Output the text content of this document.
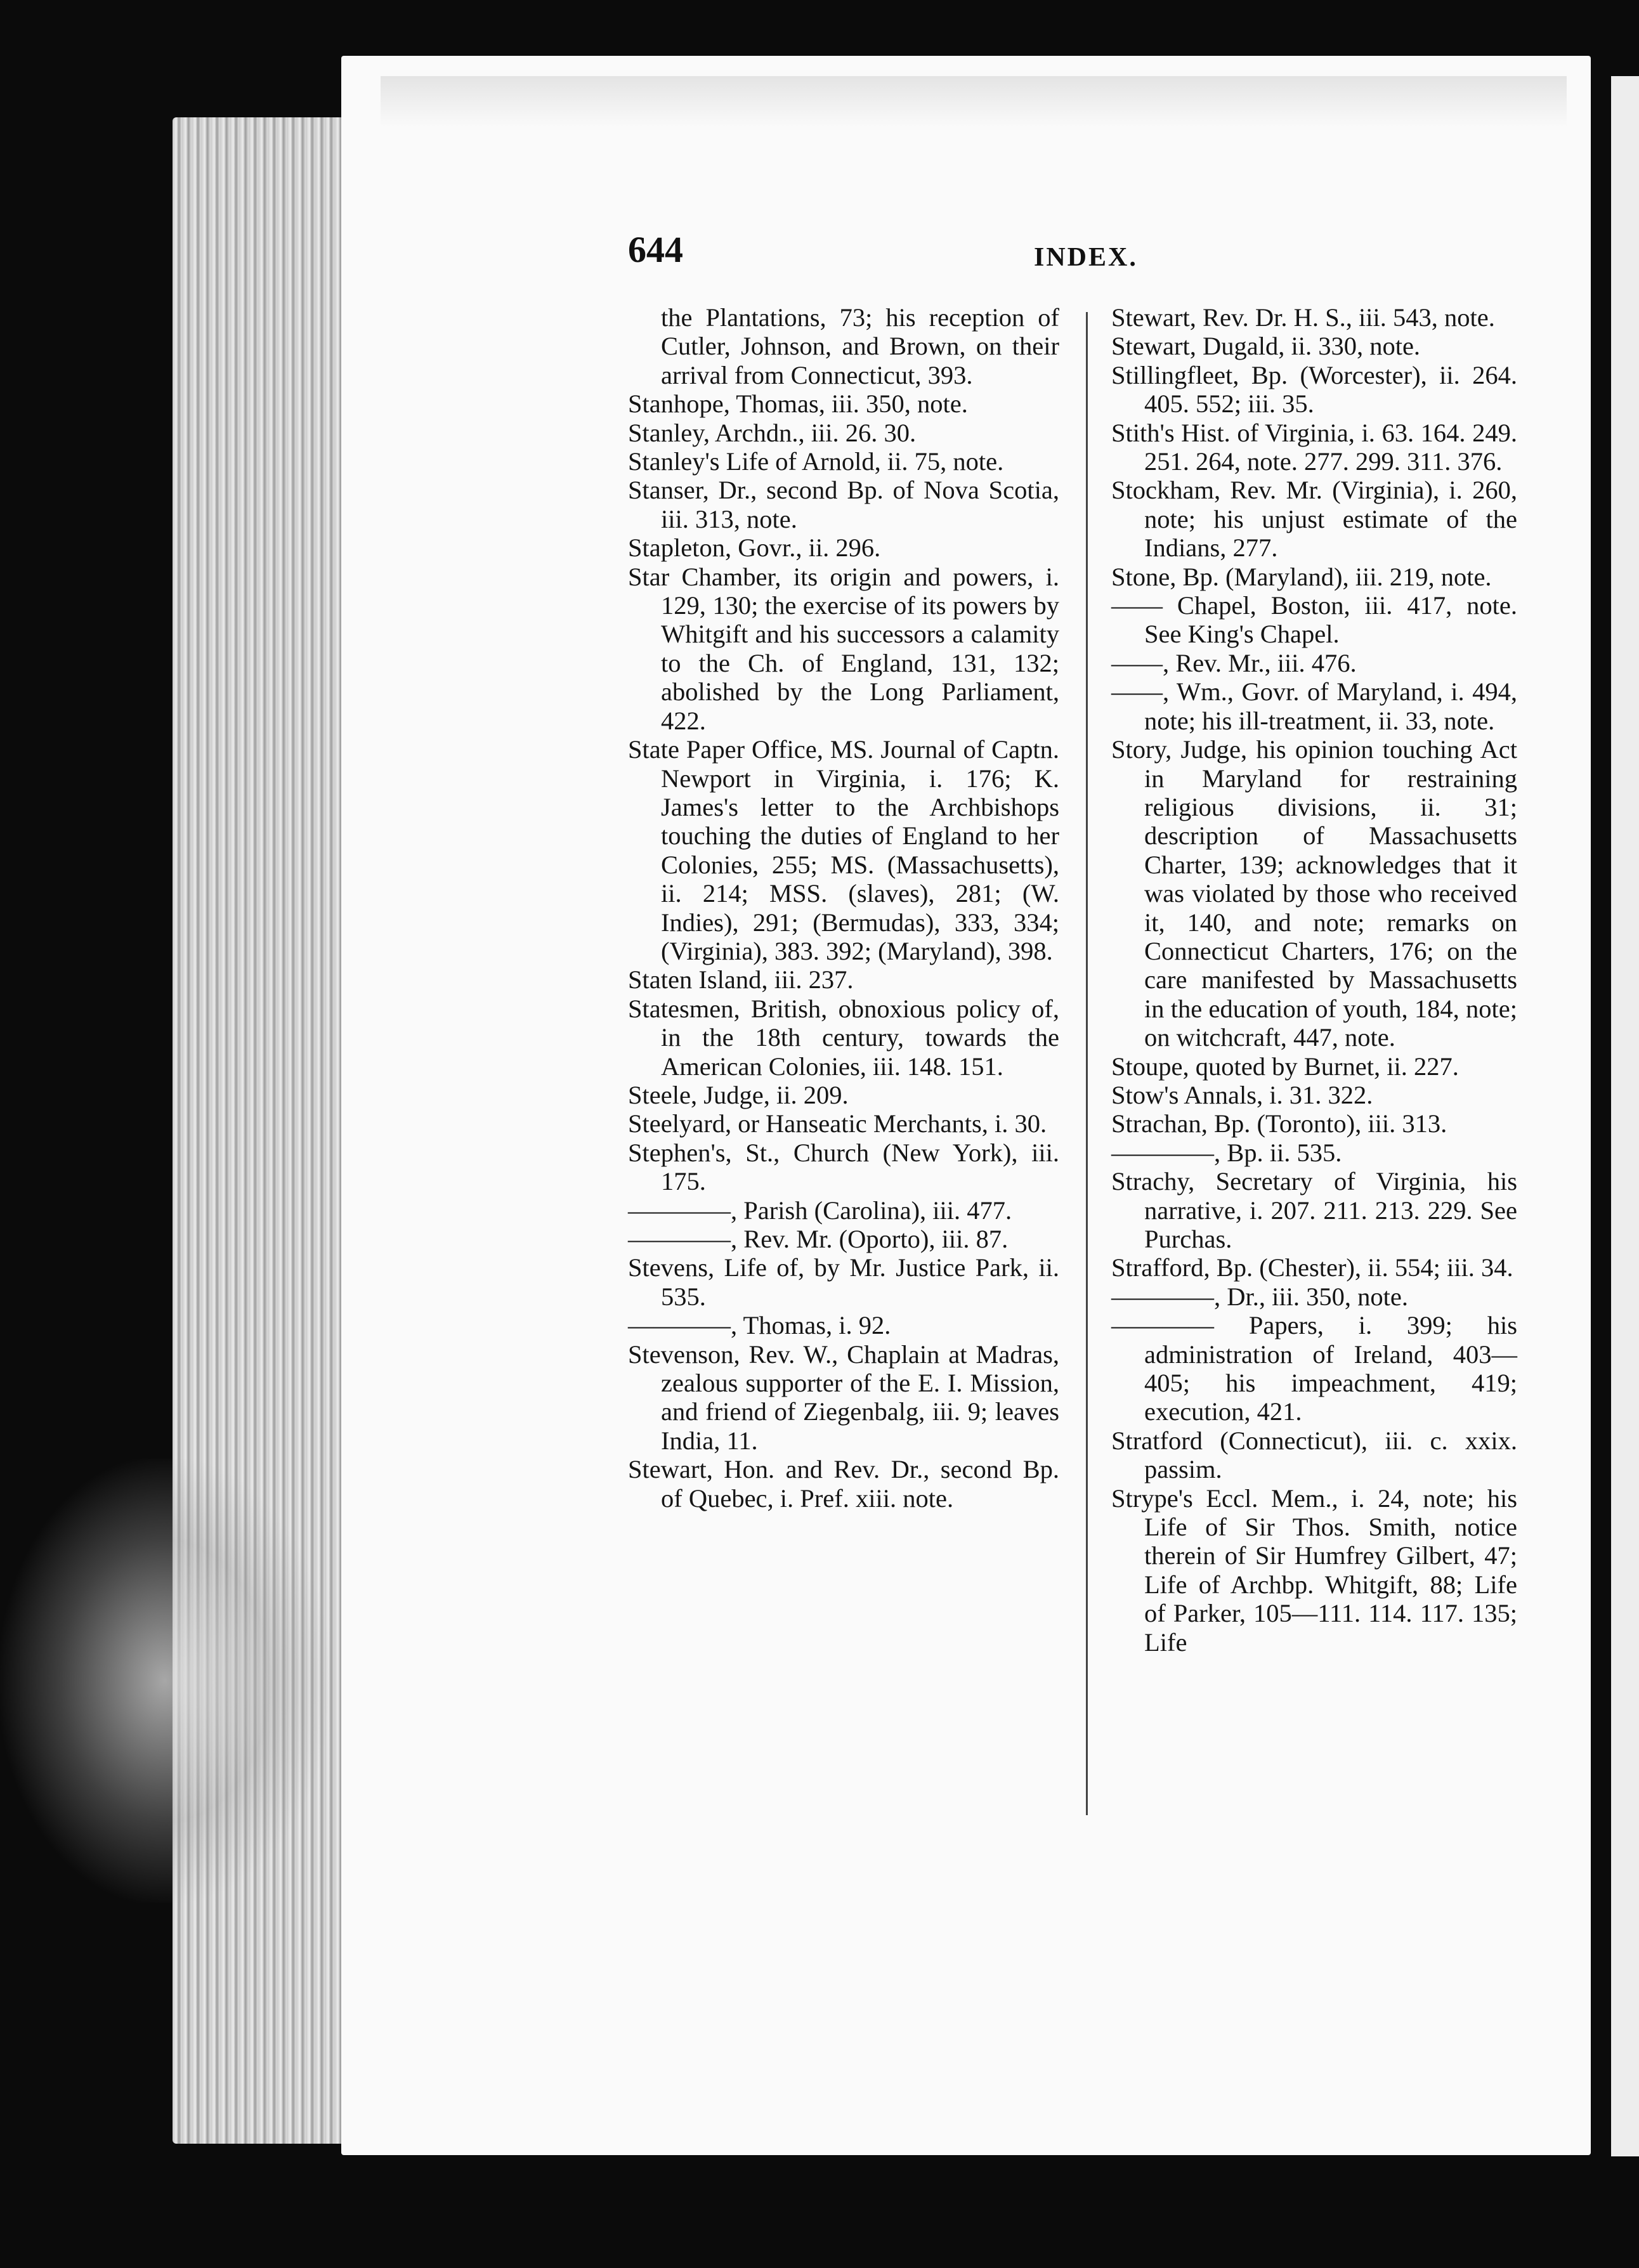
644	INDEX.

the Plantations, 73; his reception of Cutler, Johnson, and Brown, on their arrival from Connecticut, 393.

Stanhope, Thomas, iii. 350, note.

Stanley, Archdn., iii. 26. 30.

Stanley's Life of Arnold, ii. 75, note.

Stanser, Dr., second Bp. of Nova Scotia, iii. 313, note.

Stapleton, Govr., ii. 296.

Star Chamber, its origin and powers, i. 129, 130; the exercise of its powers by Whitgift and his successors a calamity to the Ch. of England, 131, 132; abolished by the Long Parliament, 422.

State Paper Office, MS. Journal of Captn. Newport in Virginia, i. 176; K. James's letter to the Archbishops touching the duties of England to her Colonies, 255; MS. (Massachusetts), ii. 214; MSS. (slaves), 281; (W. Indies), 291; (Bermudas), 333, 334; (Virginia), 383. 392; (Maryland), 398.

Staten Island, iii. 237.

Statesmen, British, obnoxious policy of, in the 18th century, towards the American Colonies, iii. 148. 151.

Steele, Judge, ii. 209.

Steelyard, or Hanseatic Merchants, i. 30.

Stephen's, St., Church (New York), iii. 175.

————, Parish (Carolina), iii. 477.

————, Rev. Mr. (Oporto), iii. 87.

Stevens, Life of, by Mr. Justice Park, ii. 535.

————, Thomas, i. 92.

Stevenson, Rev. W., Chaplain at Madras, zealous supporter of the E. I. Mission, and friend of Ziegenbalg, iii. 9; leaves India, 11.

Stewart, Hon. and Rev. Dr., second Bp. of Quebec, i. Pref. xiii. note.

Stewart, Rev. Dr. H. S., iii. 543, note.

Stewart, Dugald, ii. 330, note.

Stillingfleet, Bp. (Worcester), ii. 264. 405. 552; iii. 35.

Stith's Hist. of Virginia, i. 63. 164. 249. 251. 264, note. 277. 299. 311. 376.

Stockham, Rev. Mr. (Virginia), i. 260, note; his unjust estimate of the Indians, 277.

Stone, Bp. (Maryland), iii. 219, note.

—— Chapel, Boston, iii. 417, note. See King's Chapel.

——, Rev. Mr., iii. 476.

——, Wm., Govr. of Maryland, i. 494, note; his ill-treatment, ii. 33, note.

Story, Judge, his opinion touching Act in Maryland for restraining religious divisions, ii. 31; description of Massachusetts Charter, 139; acknowledges that it was violated by those who received it, 140, and note; remarks on Connecticut Charters, 176; on the care manifested by Massachusetts in the education of youth, 184, note; on witchcraft, 447, note.

Stoupe, quoted by Burnet, ii. 227.

Stow's Annals, i. 31. 322.

Strachan, Bp. (Toronto), iii. 313.

————, Bp. ii. 535.

Strachy, Secretary of Virginia, his narrative, i. 207. 211. 213. 229. See Purchas.

Strafford, Bp. (Chester), ii. 554; iii. 34.

————, Dr., iii. 350, note.

———— Papers, i. 399; his administration of Ireland, 403—405; his impeachment, 419; execution, 421.

Stratford (Connecticut), iii. c. xxix. passim.

Strype's Eccl. Mem., i. 24, note; his Life of Sir Thos. Smith, notice therein of Sir Humfrey Gilbert, 47; Life of Archbp. Whitgift, 88; Life of Parker, 105—111. 114. 117. 135; Life
